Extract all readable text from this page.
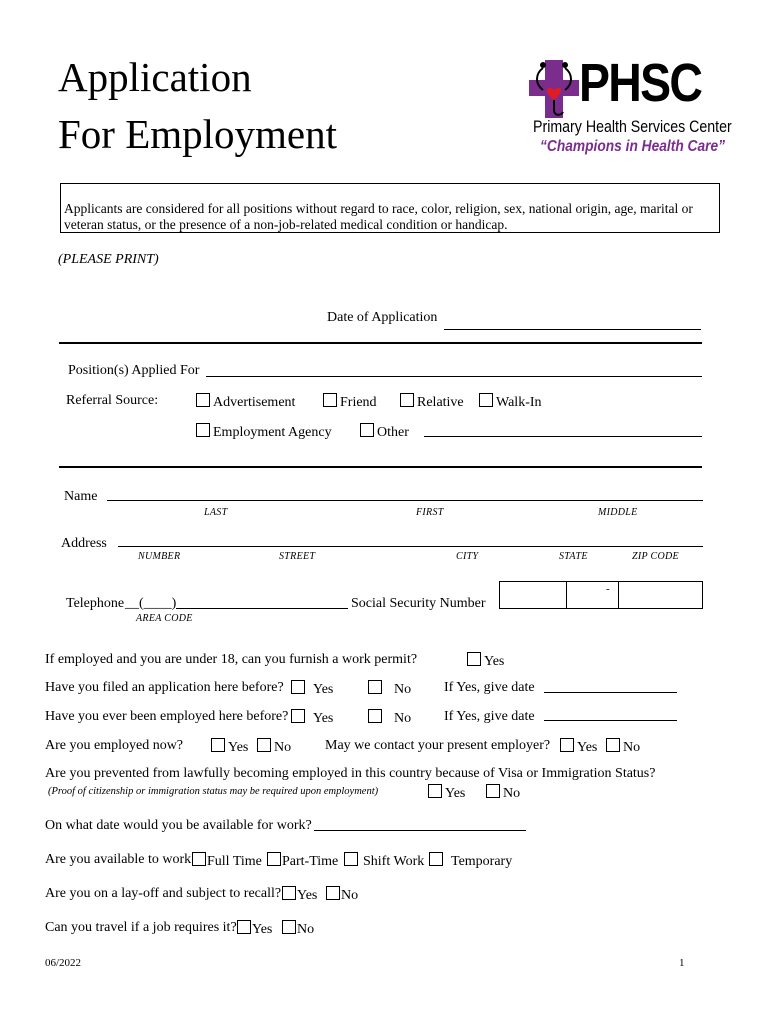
Application
For Employment
PHSC
Primary Health Services Center
“Champions in Health Care”
Applicants are considered for all positions without regard to race, color, religion, sex, national origin, age, marital or veteran status, or the presence of a non-job-related medical condition or handicap.
(PLEASE PRINT)
Date of Application
Position(s) Applied For
Referral Source:	Advertisement	Friend	Relative	Walk-In
Employment Agency	Other
Name
LAST	FIRST	MIDDLE
Address
NUMBER	STREET	CITY	STATE	ZIP CODE
Telephone __(____)
AREA CODE
Social Security Number
-
If employed and you are under 18, can you furnish a work permit?	Yes
Have you filed an application here before?	Yes	No If Yes, give date
Have you ever been employed here before?	Yes	No If Yes, give date
Are you employed now?	Yes	No May we contact your present employer?	Yes	No
Are you prevented from lawfully becoming employed in this country because of Visa or Immigration Status?
(Proof of citizenship or immigration status may be required upon employment)	Yes	No
On what date would you be available for work?
Are you available to work	Full Time	Part-Time	Shift Work	Temporary
Are you on a lay-off and subject to recall?	Yes	No
Can you travel if a job requires it?	Yes	No
06/2022	1
